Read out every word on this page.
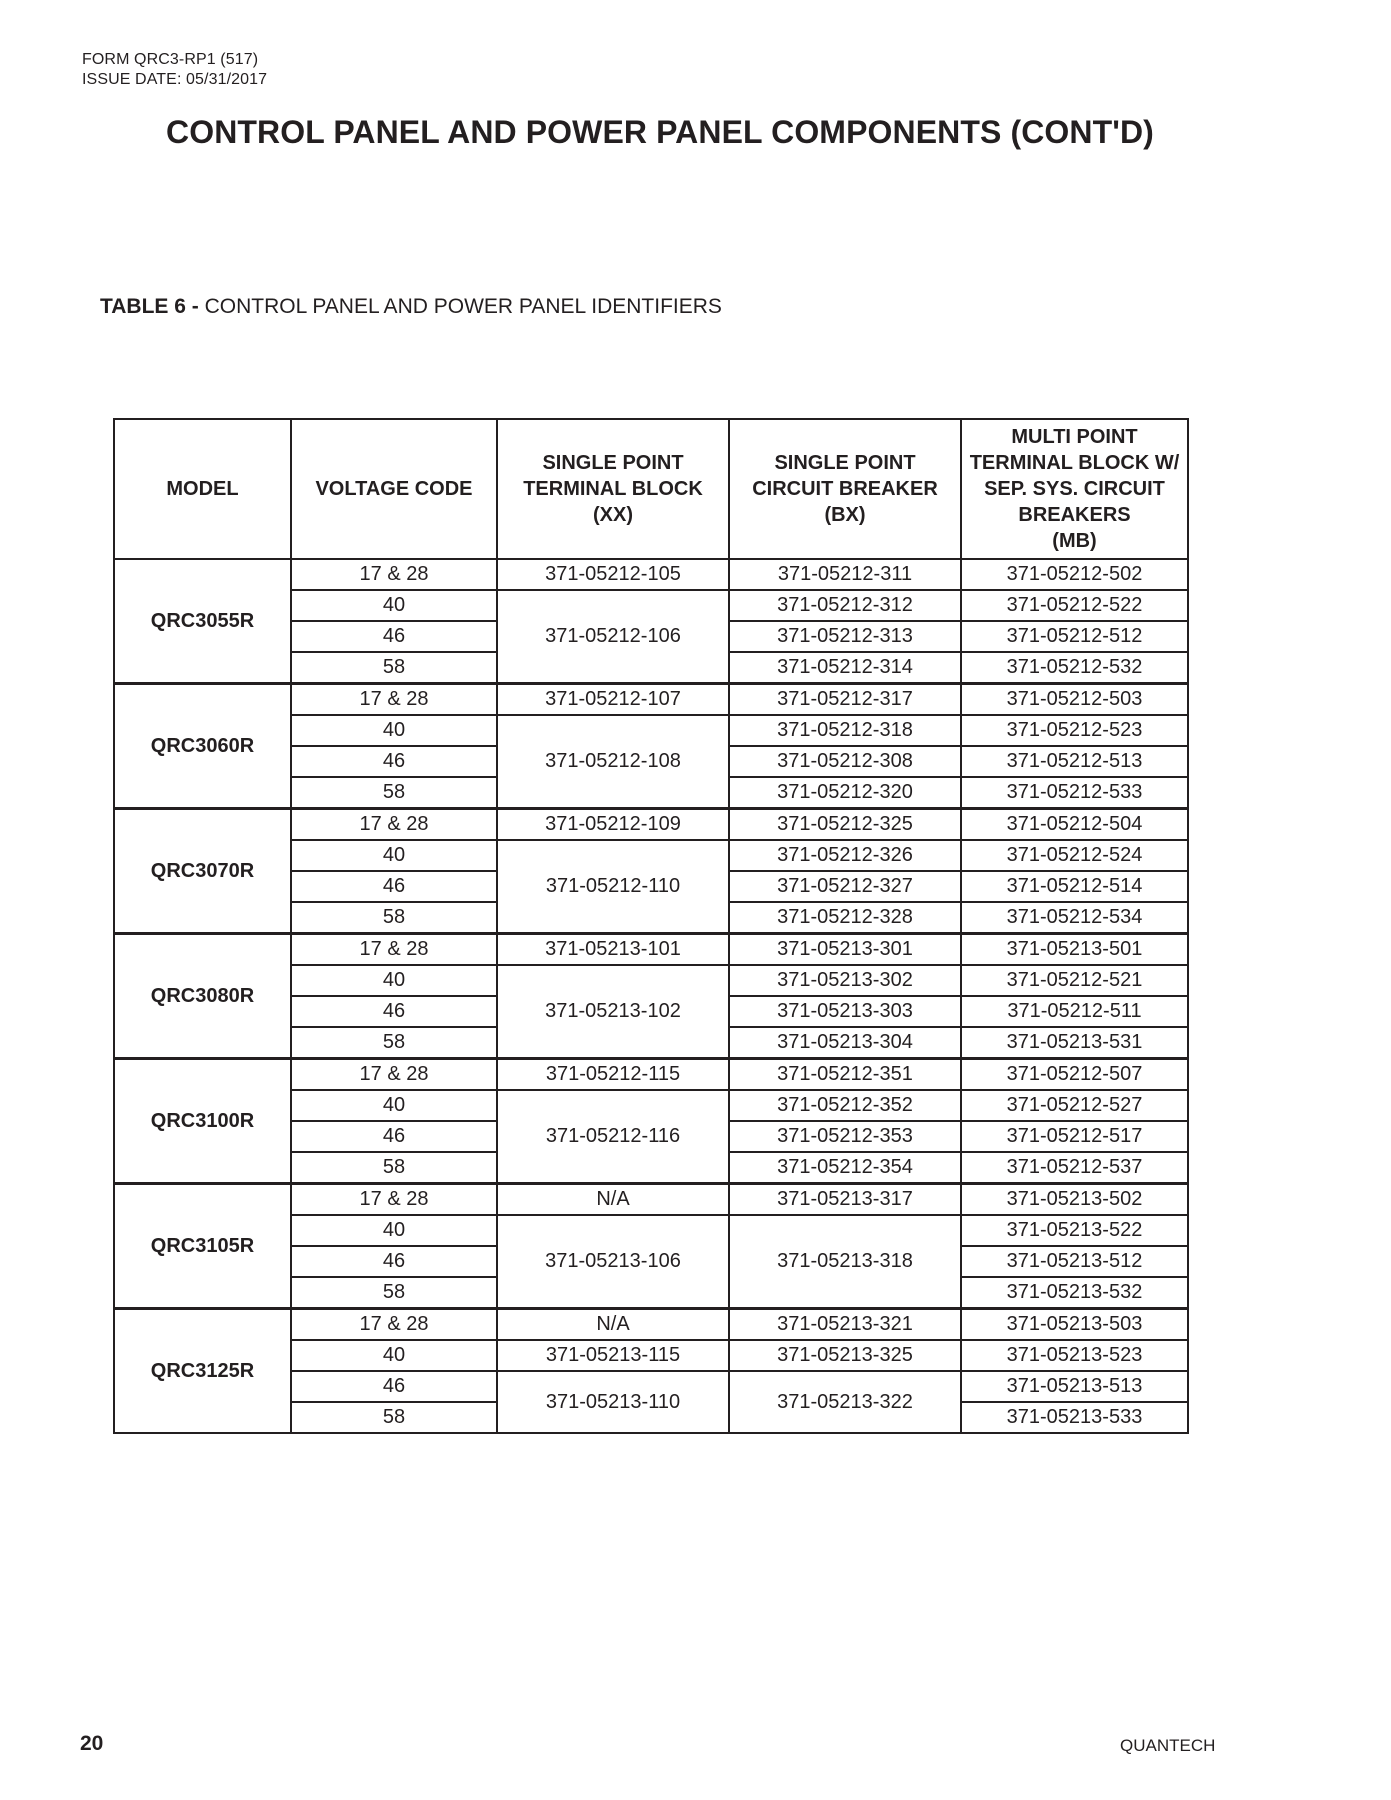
FORM QRC3-RP1 (517)
ISSUE DATE: 05/31/2017
CONTROL PANEL AND POWER PANEL COMPONENTS (CONT'D)
TABLE 6 - CONTROL PANEL AND POWER PANEL IDENTIFIERS
MODEL	VOLTAGE CODE	SINGLE POINT
TERMINAL BLOCK
(XX)	SINGLE POINT
CIRCUIT BREAKER
(BX)	MULTI POINT
TERMINAL BLOCK W/
SEP. SYS. CIRCUIT
BREAKERS
(MB)
QRC3055R	17 & 28	371-05212-105	371-05212-311	371-05212-502
	40	371-05212-106	371-05212-312	371-05212-522
	46		371-05212-313	371-05212-512
	58		371-05212-314	371-05212-532
QRC3060R	17 & 28	371-05212-107	371-05212-317	371-05212-503
	40	371-05212-108	371-05212-318	371-05212-523
	46		371-05212-308	371-05212-513
	58		371-05212-320	371-05212-533
QRC3070R	17 & 28	371-05212-109	371-05212-325	371-05212-504
	40	371-05212-110	371-05212-326	371-05212-524
	46		371-05212-327	371-05212-514
	58		371-05212-328	371-05212-534
QRC3080R	17 & 28	371-05213-101	371-05213-301	371-05213-501
	40	371-05213-102	371-05213-302	371-05212-521
	46		371-05213-303	371-05212-511
	58		371-05213-304	371-05213-531
QRC3100R	17 & 28	371-05212-115	371-05212-351	371-05212-507
	40	371-05212-116	371-05212-352	371-05212-527
	46		371-05212-353	371-05212-517
	58		371-05212-354	371-05212-537
QRC3105R	17 & 28	N/A	371-05213-317	371-05213-502
	40	371-05213-106	371-05213-318	371-05213-522
	46			371-05213-512
	58			371-05213-532
QRC3125R	17 & 28	N/A	371-05213-321	371-05213-503
	40	371-05213-115	371-05213-325	371-05213-523
	46	371-05213-110	371-05213-322	371-05213-513
	58			371-05213-533
20	QUANTECH
